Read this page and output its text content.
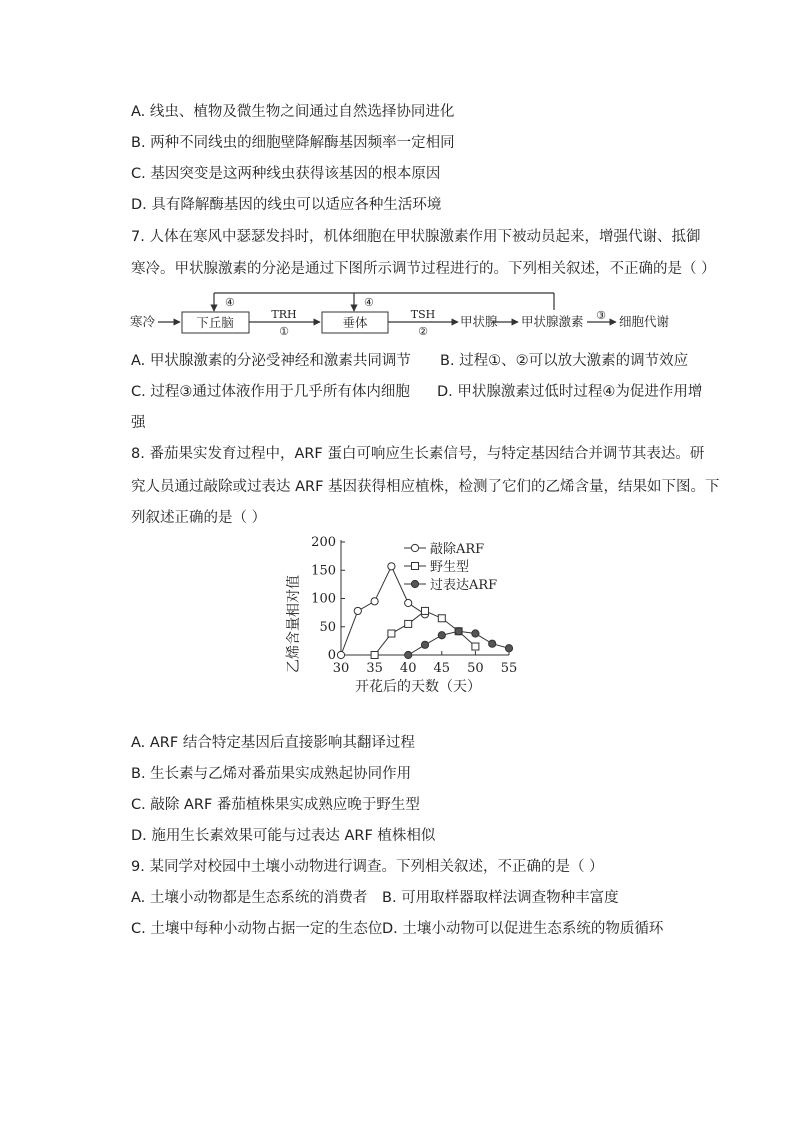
A. 线虫、植物及微生物之间通过自然选择协同进化
B. 两种不同线虫的细胞壁降解酶基因频率一定相同
C. 基因突变是这两种线虫获得该基因的根本原因
D. 具有降解酶基因的线虫可以适应各种生活环境
7. 人体在寒风中瑟瑟发抖时，机体细胞在甲状腺激素作用下被动员起来，增强代谢、抵御
寒冷。甲状腺激素的分泌是通过下图所示调节过程进行的。下列相关叙述，不正确的是（ ）
寒冷	下丘脑	垂体	甲状腺 甲状腺激素	细胞代谢
TRH
①
TSH
②
③
④	④
A. 甲状腺激素的分泌受神经和激素共同调节 B. 过程①、②可以放大激素的调节效应
C. 过程③通过体液作用于几乎所有体内细胞 D. 甲状腺激素过低时过程④为促进作用增
强
8. 番茄果实发育过程中，ARF 蛋白可响应生长素信号，与特定基因结合并调节其表达。研
究人员通过敲除或过表达 ARF 基因获得相应植株，检测了它们的乙烯含量，结果如下图。下
列叙述正确的是（ ）
0
50
100
150
200
30 35 40 45 50 55
敲除ARF
野生型
过表达ARF
乙烯含量相对值
开花后的天数（天）
A. ARF 结合特定基因后直接影响其翻译过程
B. 生长素与乙烯对番茄果实成熟起协同作用
C. 敲除 ARF 番茄植株果实成熟应晚于野生型
D. 施用生长素效果可能与过表达 ARF 植株相似
9. 某同学对校园中土壤小动物进行调查。下列相关叙述，不正确的是（ ）
A. 土壤小动物都是生态系统的消费者 B. 可用取样器取样法调查物种丰富度
C. 土壤中每种小动物占据一定的生态位 D. 土壤小动物可以促进生态系统的物质循环
